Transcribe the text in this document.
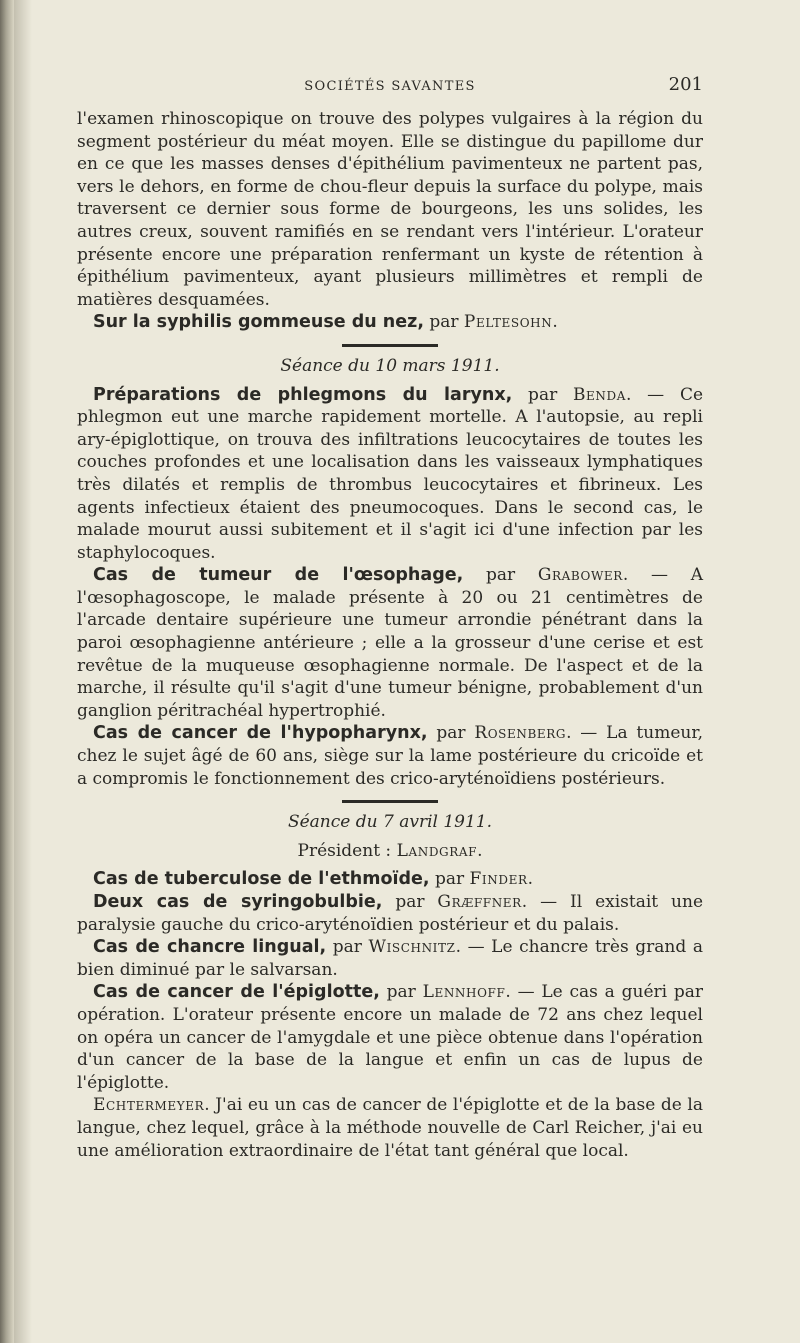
SOCIÉTÉS SAVANTES	201

l'examen rhinoscopique on trouve des polypes vulgaires à la région du segment postérieur du méat moyen. Elle se distingue du papillome dur en ce que les masses denses d'épithélium pavimenteux ne partent pas, vers le dehors, en forme de chou-fleur depuis la surface du polype, mais traversent ce dernier sous forme de bourgeons, les uns solides, les autres creux, souvent ramifiés en se rendant vers l'intérieur. L'orateur présente encore une préparation renfermant un kyste de rétention à épithélium pavimenteux, ayant plusieurs millimètres et rempli de matières desquamées.

Sur la syphilis gommeuse du nez, par Peltesohn.

Séance du 10 mars 1911.

Préparations de phlegmons du larynx, par Benda. — Ce phlegmon eut une marche rapidement mortelle. A l'autopsie, au repli ary-épiglottique, on trouva des infiltrations leucocytaires de toutes les couches profondes et une localisation dans les vaisseaux lymphatiques très dilatés et remplis de thrombus leucocytaires et fibrineux. Les agents infectieux étaient des pneumocoques. Dans le second cas, le malade mourut aussi subitement et il s'agit ici d'une infection par les staphylocoques.

Cas de tumeur de l'œsophage, par Grabower. — A l'œsophagoscope, le malade présente à 20 ou 21 centimètres de l'arcade dentaire supérieure une tumeur arrondie pénétrant dans la paroi œsophagienne antérieure ; elle a la grosseur d'une cerise et est revêtue de la muqueuse œsophagienne normale. De l'aspect et de la marche, il résulte qu'il s'agit d'une tumeur bénigne, probablement d'un ganglion péritrachéal hypertrophié.

Cas de cancer de l'hypopharynx, par Rosenberg. — La tumeur, chez le sujet âgé de 60 ans, siège sur la lame postérieure du cricoïde et a compromis le fonctionnement des crico-aryténoïdiens postérieurs.

Séance du 7 avril 1911.

Président : Landgraf.

Cas de tuberculose de l'ethmoïde, par Finder.

Deux cas de syringobulbie, par Græffner. — Il existait une paralysie gauche du crico-aryténoïdien postérieur et du palais.

Cas de chancre lingual, par Wischnitz. — Le chancre très grand a bien diminué par le salvarsan.

Cas de cancer de l'épiglotte, par Lennhoff. — Le cas a guéri par opération. L'orateur présente encore un malade de 72 ans chez lequel on opéra un cancer de l'amygdale et une pièce obtenue dans l'opération d'un cancer de la base de la langue et enfin un cas de lupus de l'épiglotte.

Echtermeyer. J'ai eu un cas de cancer de l'épiglotte et de la base de la langue, chez lequel, grâce à la méthode nouvelle de Carl Reicher, j'ai eu une amélioration extraordinaire de l'état tant général que local.
